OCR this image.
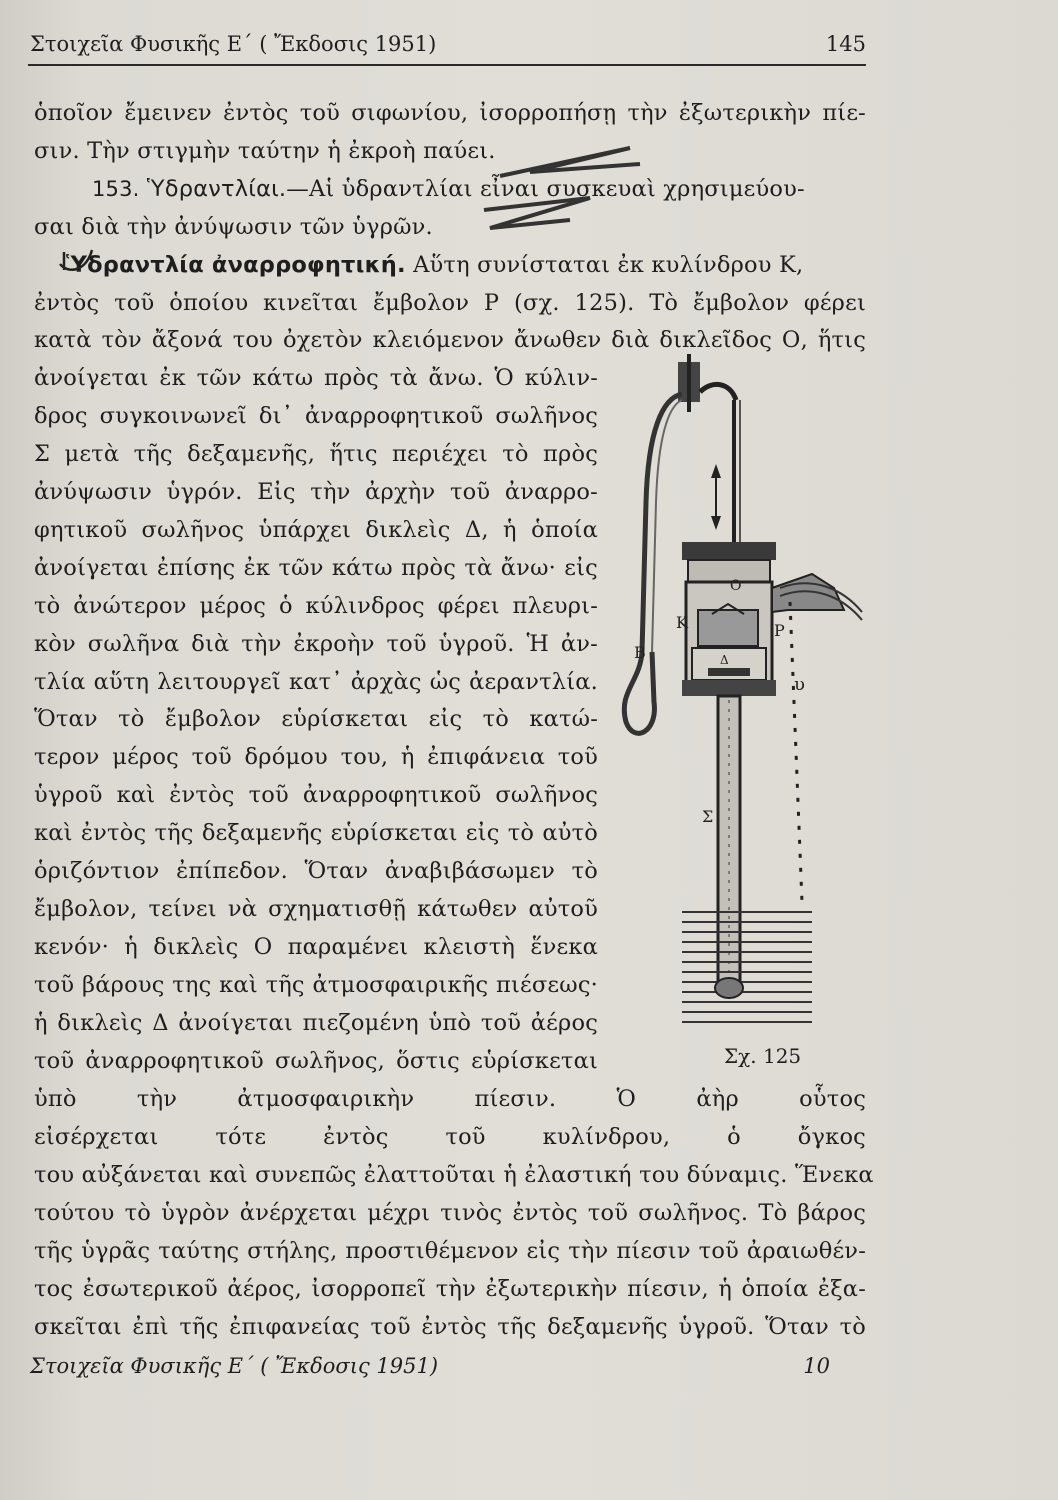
Στοιχεῖα Φυσικῆς Ε΄ ( Ἔκδοσις 1951)	145
ὁποῖον ἔμεινεν ἐντὸς τοῦ σιφωνίου, ἰσορροπήσῃ τὴν ἐξωτερικὴν πίε-
σιν. Τὴν στιγμὴν ταύτην ἡ ἐκροὴ παύει.
153. Ὑδραντλίαι.—Αἱ ὑδραντλίαι εἶναι συσκευαὶ χρησιμεύου-
σαι διὰ τὴν ἀνύψωσιν τῶν ὑγρῶν.
Ὑδραντλία ἀναρροφητική. Αὕτη συνίσταται ἐκ κυλίνδρου Κ,
ἐντὸς τοῦ ὁποίου κινεῖται ἔμβολον Ρ (σχ. 125). Τὸ ἔμβολον φέρει
κατὰ τὸν ἄξονά του ὀχετὸν κλειόμενον ἄνωθεν διὰ δικλεῖδος Ο, ἥτις
ἀνοίγεται ἐκ τῶν κάτω πρὸς τὰ ἄνω. Ὁ κύλιν-
δρος συγκοινωνεῖ δι᾿ ἀναρροφητικοῦ σωλῆνος
Σ μετὰ τῆς δεξαμενῆς, ἥτις περιέχει τὸ πρὸς
ἀνύψωσιν ὑγρόν. Εἰς τὴν ἀρχὴν τοῦ ἀναρρο-
φητικοῦ σωλῆνος ὑπάρχει δικλεὶς Δ, ἡ ὁποία
ἀνοίγεται ἐπίσης ἐκ τῶν κάτω πρὸς τὰ ἄνω· εἰς
τὸ ἀνώτερον μέρος ὁ κύλινδρος φέρει πλευρι-
κὸν σωλῆνα διὰ τὴν ἐκροὴν τοῦ ὑγροῦ. Ἡ ἀν-
τλία αὕτη λειτουργεῖ κατ᾿ ἀρχὰς ὡς ἀεραντλία.
Ὅταν τὸ ἔμβολον εὑρίσκεται εἰς τὸ κατώ-
τερον μέρος τοῦ δρόμου του, ἡ ἐπιφάνεια τοῦ
ὑγροῦ καὶ ἐντὸς τοῦ ἀναρροφητικοῦ σωλῆνος
καὶ ἐντὸς τῆς δεξαμενῆς εὑρίσκεται εἰς τὸ αὐτὸ
ὁριζόντιον ἐπίπεδον. Ὅταν ἀναβιβάσωμεν τὸ
ἔμβολον, τείνει νὰ σχηματισθῇ κάτωθεν αὐτοῦ
κενόν· ἡ δικλεὶς Ο παραμένει κλειστὴ ἕνεκα
τοῦ βάρους της καὶ τῆς ἀτμοσφαιρικῆς πιέσεως·
ἡ δικλεὶς Δ ἀνοίγεται πιεζομένη ὑπὸ τοῦ ἀέρος
τοῦ ἀναρροφητικοῦ σωλῆνος, ὅστις εὑρίσκεται
ὑπὸ τὴν ἀτμοσφαιρικὴν πίεσιν. Ὁ ἀὴρ οὗτος
εἰσέρχεται τότε ἐντὸς τοῦ κυλίνδρου, ὁ ὄγκος
του αὐξάνεται καὶ συνεπῶς ἐλαττοῦται ἡ ἐλαστική του δύναμις. Ἕνεκα
τούτου τὸ ὑγρὸν ἀνέρχεται μέχρι τινὸς ἐντὸς τοῦ σωλῆνος. Τὸ βάρος
τῆς ὑγρᾶς ταύτης στήλης, προστιθέμενον εἰς τὴν πίεσιν τοῦ ἀραιωθέν-
τος ἐσωτερικοῦ ἀέρος, ἰσορροπεῖ τὴν ἐξωτερικὴν πίεσιν, ἡ ὁποία ἐξα-
σκεῖται ἐπὶ τῆς ἐπιφανείας τοῦ ἐντὸς τῆς δεξαμενῆς ὑγροῦ. Ὅταν τὸ
O
K	P
B	Δ
υ
Σ
Σχ. 125
Στοιχεῖα Φυσικῆς Ε΄ ( Ἔκδοσις 1951)	10
